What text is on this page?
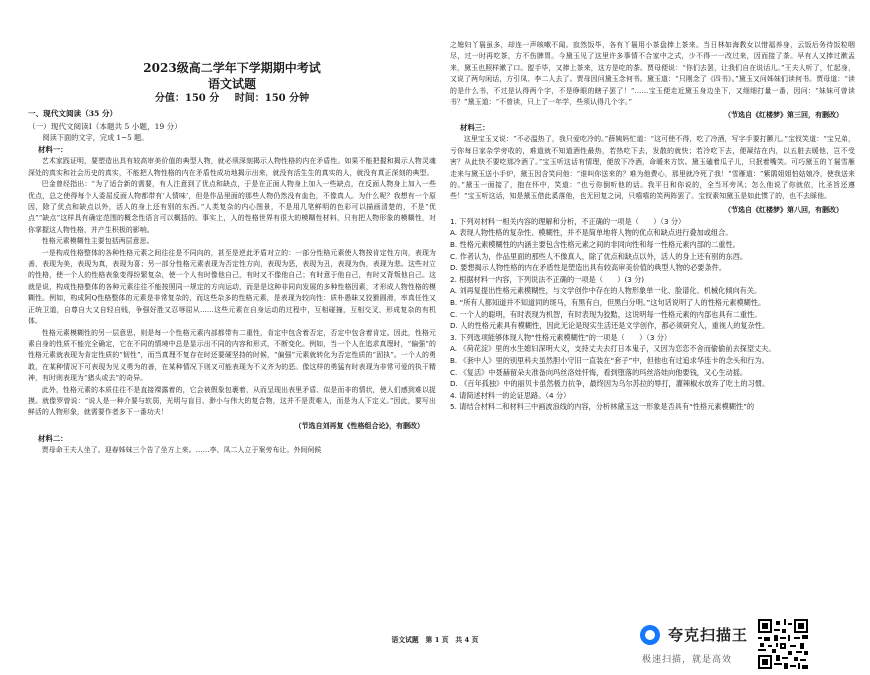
2023级高二学年下学期期中考试
语文试题
分值：150 分 时间：150 分钟
一、现代文阅读（35 分）
（一）现代文阅读Ⅰ（本题共 5 小题，19 分）

阅读下面的文字，完成 1~5 题。

材料一：

艺术家践证明，要塑造出具有较高审美价值的典型人物，就必须深刻揭示人物性格的内在矛盾性。如果不能把握和揭示人物灵魂深处的真实和社会历史的真实，不能把人物性格的内在矛盾性成功地揭示出来，就没有活生生的真实的人，就没有真正深刻的典型。

巴金曾经指出：“为了适合新的需要，有人注意到了优点和缺点，于是在正面人物身上加入一些缺点，在反面人物身上加入一些优点，总之使得每个人委屈反面人物都带有‘人情味’，但是作品里面的那些人物仍然没有血色，不像真人。为什么呢？我想有一个原因，除了优点和缺点以外，活人的身上还有别的东西。”人类复杂的内心图景，不是用几笔鲜明的色彩可以描画清楚的，不是“优点”“缺点”这样具有确定范围的概念性语言可以概括的。事实上，人的性格世界有很大的模糊性材料，只有把人物形象的模糊性，对你掌握这人物性格，并产生积极的影响。

性格元素模糊性主要包括两层意思。

一是构成性格整体的各种性格元素之间往往是不同向的，甚至是逆此矛盾对立的：一部分性格元素使人物按肯定性方向，表现为善，表现为美，表现为真，表现为喜；另一部分性格元素表现为否定性方向，表现为恶，表现为丑，表现为伪，表现为悲。这些对立的性格，使一个人的性格表象变得纷繁复杂，使一个人有时像他自己，有时又不像他自己；有时意于他自己，有时又背叛他自己。这就是说，构成性格整体的各种元素往往不能按照同一规定的方向运动，而是是这种非同向发展的多种性格因素，才形成人物性格的模糊性。例如，构成阿Q性格整体的元素是非常复杂的，而这些杂多的性格元素，是表现为较向性：质朴愚昧又狡猾圆滑，率真任性又正统卫道，自尊自大又自轻自贱，争强好胜又忍辱屈从……这些元素在自身运动的过程中，互相碰撞，互相交叉，形成复杂的有机体。

性格元素模糊性的另一层意思，则是每一个性格元素内部都带有二重性，肯定中包含着否定，否定中包含着肯定。因此，性格元素自身的性质不能完全确定，它在不同的情境中总是显示出不同的内容和形式，不断变化。例如，当一个人在追求真理时，“偏强”的性格元素就表现为肯定性质的“韧性”，而当真理不复存在时还要硬坚持的时候，“偏强”元素就转化为否定性质的“固执”。一个人的勇敢，在某种情况下可表现为见义勇为的善，在某种情况下则又可能表现为不义齐为的恶。像这样的勇猛有时表现为非常可爱的执干精神，有时则表现为“猪头或去”的奇异。

此外，性格元素的本质往往不是直接裸露着的，它会被假象包裹着，从而呈现出表里矛盾、似是而非的情状，使人们感到难以捉摸。就像罗曾说：“说人是一种介要与软弱，光明与盲目、渺小与伟大的复合物，这并不是责难人，而是为人下定义。”因此，要写出鲜活的人物形象，就需要作者多下一番功夫！

（节选自刘再复《性格组合论》，有删改）
材料二：

贾母命王夫人坐了。迎春姊妹三个告了坐方上来。……李、凤二人立于案旁布让。外间伺候

之媳妇丫鬟虽多，却连一声咳嗽不闻。寂然饭毕，各有丫鬟用小茶盘捧上茶来。当日林如海教女以惜福养身，云饭后务待饭粒咽尽，过一时再吃茶，方不伤脾胃。今黛玉见了这里许多事情不合家中之式，少不得一一改过来，因而接了茶。早有人又捧过漱盂来，黛玉也照样漱了口。盥手毕，又捧上茶来，这方是吃的茶。贾母便说：“你们去罢，让我们自在说话儿。”王夫人听了，忙起身，又说了两句闲话，方引凤、李二人去了。贾母因问黛玉念何书。黛玉道：“只刚念了《四书》。”黛玉又问姊妹们读何书。贾母道：“读的是什么书，不过是认得两个字，不是睁眼的瞎子罢了！”……宝玉便走近黛玉身边坐下，又细细打量一番，因问：“妹妹可曾读书？”黛玉道：“不曾读，只上了一年学，些须认得几个字。”

（节选自《红楼梦》第三回，有删改）
材料三：

这里宝玉又说：“不必温热了，我只爱吃冷的。”薛姨妈忙道：“这可使不得，吃了冷酒，写字手要打颤儿。”宝钗笑道：“宝兄弟，亏你每日家杂学旁收的，难道就不知道酒性最热，若热吃下去，发散的就快；若冷吃下去，便凝结在内，以五脏去暖他，岂不受害？从此快不要吃那冷酒了。”宝玉听这话有情理，便放下冷酒，命暖来方饮。黛玉磕着瓜子儿，只抿着嘴笑。可巧黛玉的丫鬟雪雁走来与黛玉送小手炉，黛玉因含笑问他：“谁叫你送来的？难为他费心，那里就冷死了我！”雪雁道：“紫鹃姐姐怕姑娘冷，使我送来的。”黛玉一面接了，抱在怀中，笑道：“也亏你倒听他的话。我平日和你说的，全当耳旁风；怎么他说了你就依，比圣旨还遵些！”宝玉听这话，知是黛玉借此奚落他，也无回复之词，只嘻嘻的笑两阵罢了。宝钗素知黛玉是如此惯了的，也不去睬他。

（节选自《红楼梦》第八回，有删改）

1. 下列对材料一相关内容的理解和分析，不正确的一项是（　　）（3 分）

A. 表现人物性格的复杂性、模糊性，并不是简单地将人物的优点和缺点进行叠加或组合。

B. 性格元素模糊性的内涵主要包含性格元素之间的非同向性和每一性格元素内部的二重性。

C. 作者认为，作品里面的那些人不像真人，除了优点和缺点以外，活人的身上还有别的东西。

D. 要想揭示人物性格的内在矛盾性是塑造出具有较高审美价值的典型人物的必要条件。

2. 根据材料一内容，下列说法不正确的一项是（　　）(3 分)

A. 刘再复提出性格元素模糊性，与文学创作中存在的人物形象单一化、脸谱化、机械化倾向有关。

B. “所有人都知道并不知道同的斑马，有黑有白，但黑白分明。”这句话说明了人的性格元素模糊性。

C. 一个人的聪明，有时表现为机智，有时表现为狡黠，这说明每一性格元素的内部也具有二重性。

D. 人的性格元素具有模糊性，因此无论是现实生活还是文学创作，都必须研究人，重视人的复杂性。

3. 下列选项能够体现人物“性格元素模糊性”的一项是（　　）（3 分）

A. 《荷花淀》里的水生媳妇深明大义，支持丈夫去打日本鬼子，又因为恋恋不舍而偷偷前去探望丈夫。

B. 《套中人》里的别里科夫虽然胆小守旧一直装在“套子”中，但他也有过追求华连卡的念头和行为。

C. 《复活》中聂赫留朵夫准备向玛丝洛娃忏悔，看到堕落的玛丝洛娃向他要钱，又心生动摇。

D. 《百年孤独》中的丽贝卡虽然极力抗争，最终因为乌尔苏拉的辱打，灌辣椒水放弃了吃土的习惯。

4. 请简述材料一的论证思路。（4 分）

5. 请结合材料二和材料三中画波浪线的内容，分析林黛玉这一形象是否具有“性格元素模糊性”的

语文试题　第 1 页　共 4 页	夸克扫描王
极速扫描，就是高效
